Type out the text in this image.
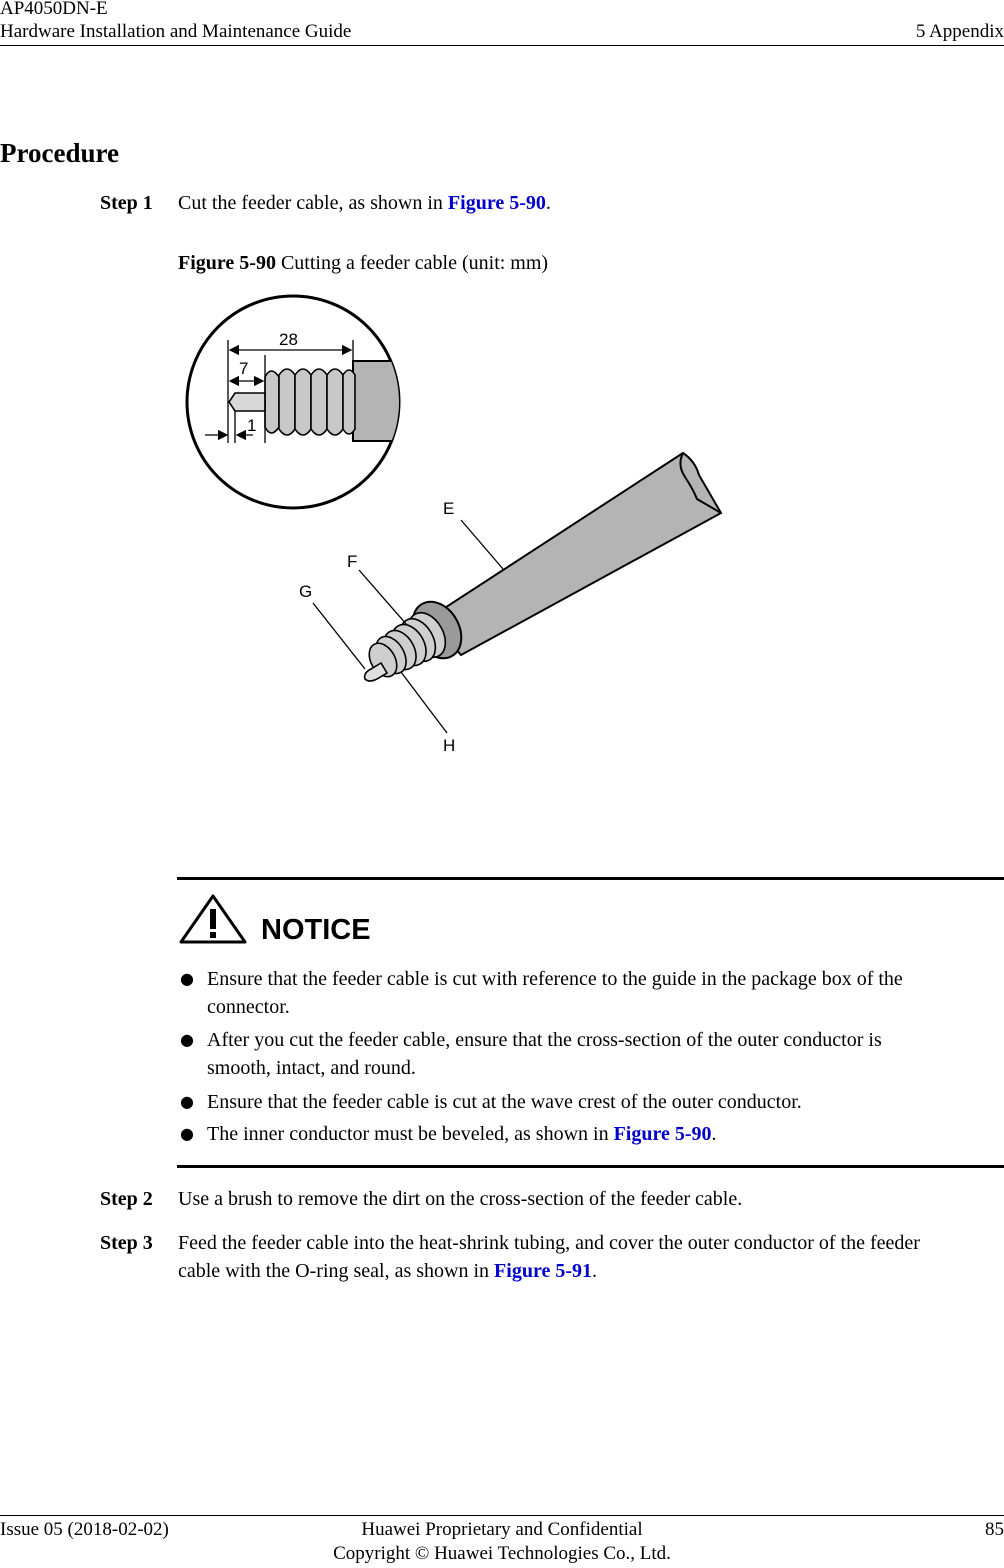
AP4050DN-E
Hardware Installation and Maintenance Guide	5 Appendix
Procedure
Step 1 Cut the feeder cable, as shown in Figure 5-90.
Figure 5-90 Cutting a feeder cable (unit: mm)
28
7
1
E
F
G
H
NOTICE
● Ensure that the feeder cable is cut with reference to the guide in the package box of the
connector.
● After you cut the feeder cable, ensure that the cross-section of the outer conductor is
smooth, intact, and round.
● Ensure that the feeder cable is cut at the wave crest of the outer conductor.
● The inner conductor must be beveled, as shown in Figure 5-90.
Step 2 Use a brush to remove the dirt on the cross-section of the feeder cable.
Step 3 Feed the feeder cable into the heat-shrink tubing, and cover the outer conductor of the feeder
cable with the O-ring seal, as shown in Figure 5-91.
Issue 05 (2018-02-02)	Huawei Proprietary and Confidential
Copyright © Huawei Technologies Co., Ltd.
85
